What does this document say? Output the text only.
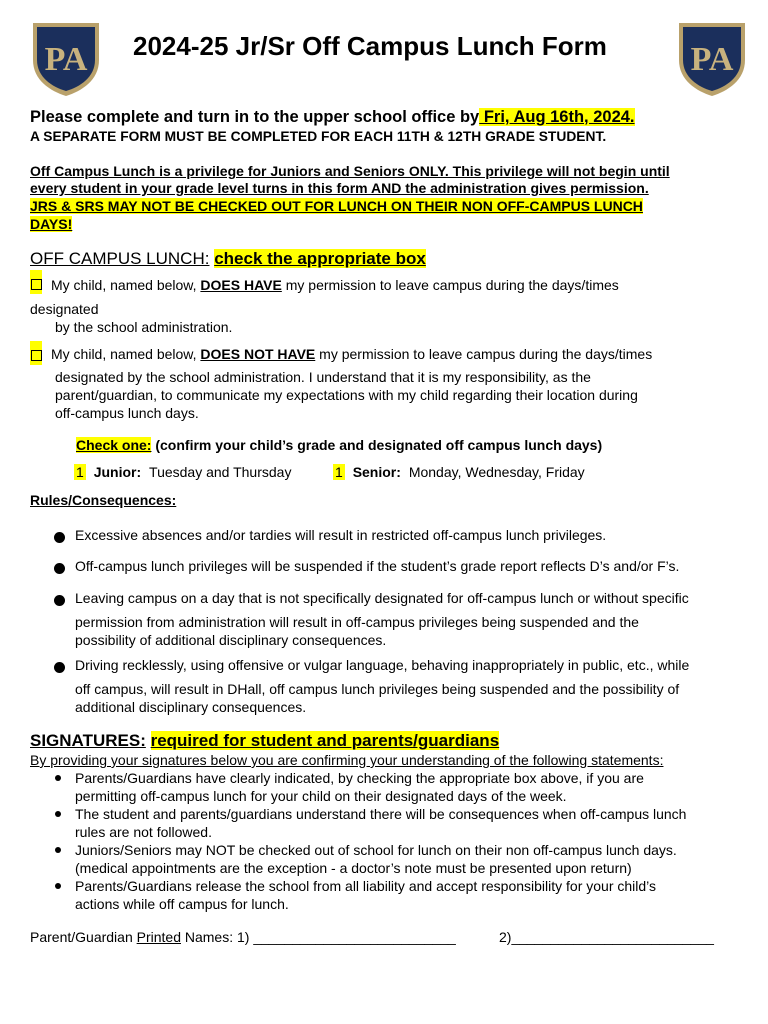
PA	PA
2024-25 Jr/Sr Off Campus Lunch Form
Please complete and turn in to the upper school office by Fri, Aug 16th, 2024.
A SEPARATE FORM MUST BE COMPLETED FOR EACH 11TH & 12TH GRADE STUDENT.
Off Campus Lunch is a privilege for Juniors and Seniors ONLY. This privilege will not begin until
every student in your grade level turns in this form AND the administration gives permission.
JRS & SRS MAY NOT BE CHECKED OUT FOR LUNCH ON THEIR NON OFF-CAMPUS LUNCH
DAYS!
OFF CAMPUS LUNCH: check the appropriate box
My child, named below, DOES HAVE my permission to leave campus during the days/times
designated
by the school administration.
My child, named below, DOES NOT HAVE my permission to leave campus during the days/times
designated by the school administration. I understand that it is my responsibility, as the
parent/guardian, to communicate my expectations with my child regarding their location during
off-campus lunch days.
Check one: (confirm your child’s grade and designated off campus lunch days)
1 Junior: Tuesday and Thursday	1 Senior: Monday, Wednesday, Friday
Rules/Consequences:
Excessive absences and/or tardies will result in restricted off-campus lunch privileges.
Off-campus lunch privileges will be suspended if the student’s grade report reflects D’s and/or F’s.
Leaving campus on a day that is not specifically designated for off-campus lunch or without specific
permission from administration will result in off-campus privileges being suspended and the
possibility of additional disciplinary consequences.
Driving recklessly, using offensive or vulgar language, behaving inappropriately in public, etc., while
off campus, will result in DHall, off campus lunch privileges being suspended and the possibility of
additional disciplinary consequences.
SIGNATURES: required for student and parents/guardians
By providing your signatures below you are confirming your understanding of the following statements:
Parents/Guardians have clearly indicated, by checking the appropriate box above, if you are
permitting off-campus lunch for your child on their designated days of the week.
The student and parents/guardians understand there will be consequences when off-campus lunch
rules are not followed.
Juniors/Seniors may NOT be checked out of school for lunch on their non off-campus lunch days.
(medical appointments are the exception - a doctor’s note must be presented upon return)
Parents/Guardians release the school from all liability and accept responsibility for your child’s
actions while off campus for lunch.
Parent/Guardian Printed Names: 1) __________________________	2)__________________________
